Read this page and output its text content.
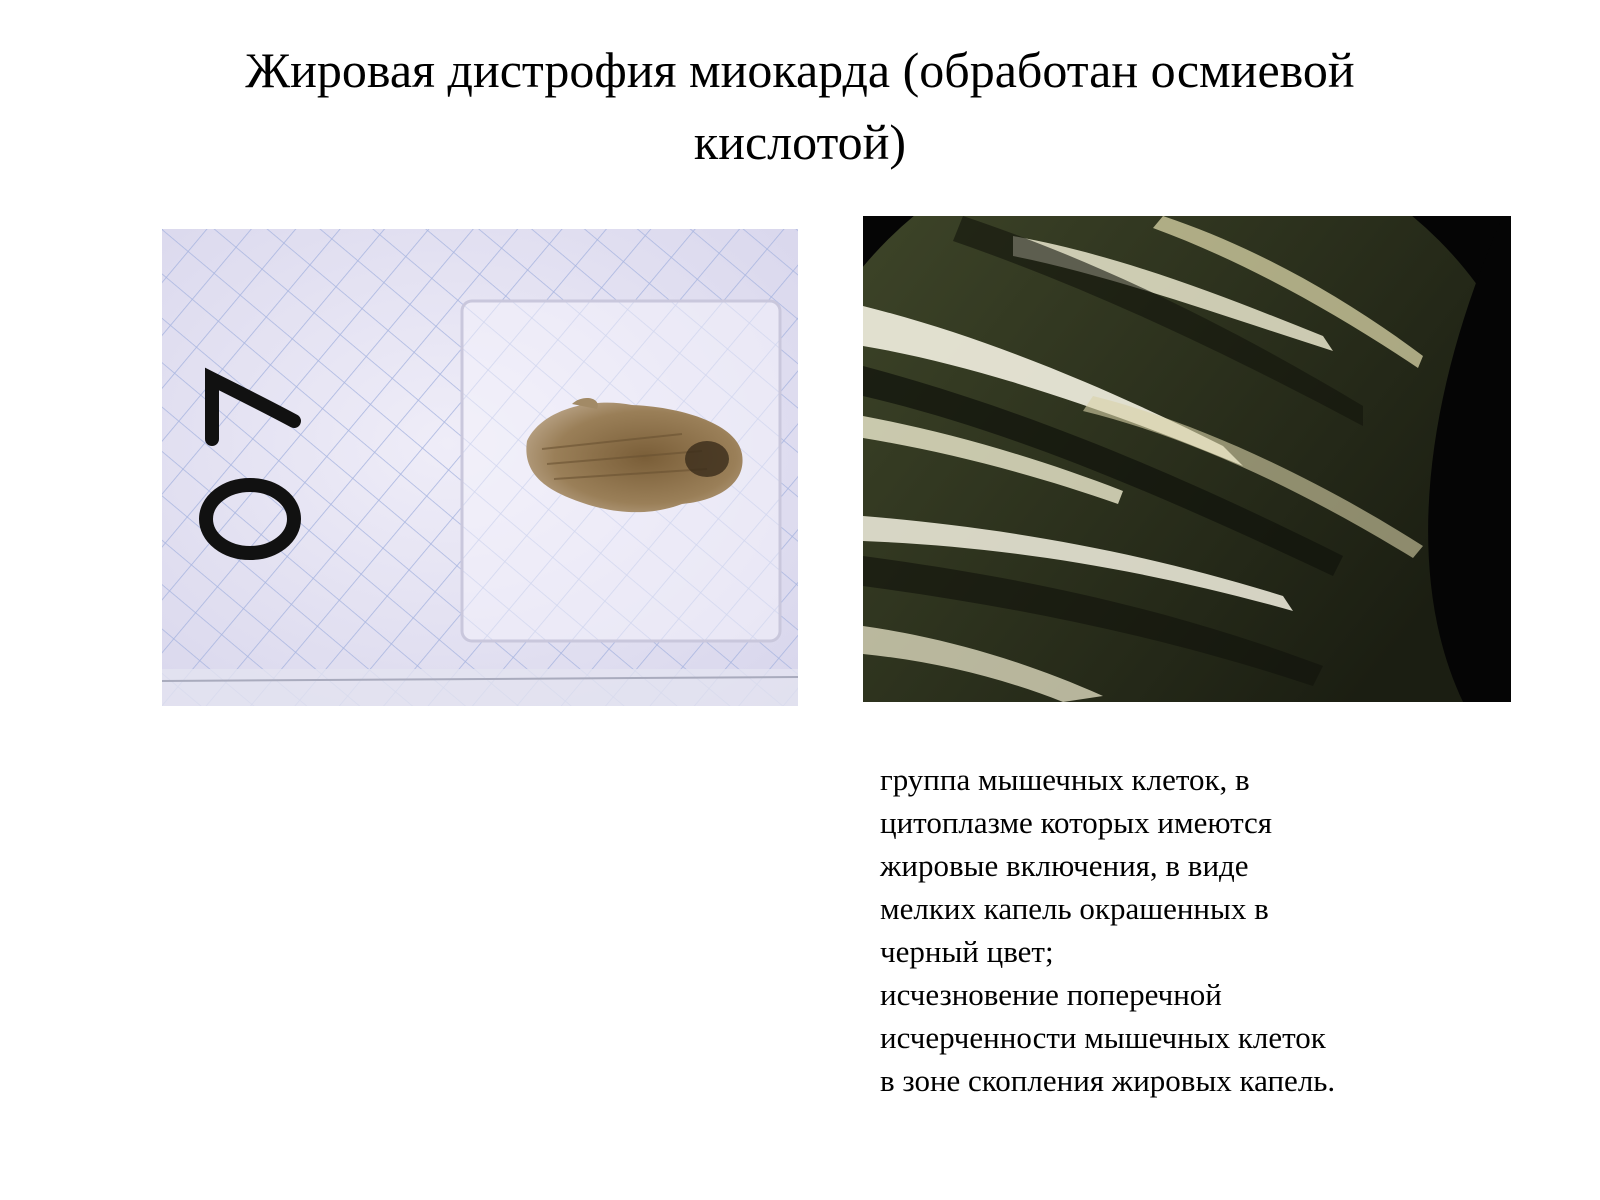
Жировая дистрофия миокарда (обработан осмиевой
кислотой)
группа мышечных клеток, в
цитоплазме которых имеются
жировые включения, в виде
мелких капель окрашенных в
черный цвет;
исчезновение поперечной
исчерченности мышечных клеток
в зоне скопления жировых капель.
